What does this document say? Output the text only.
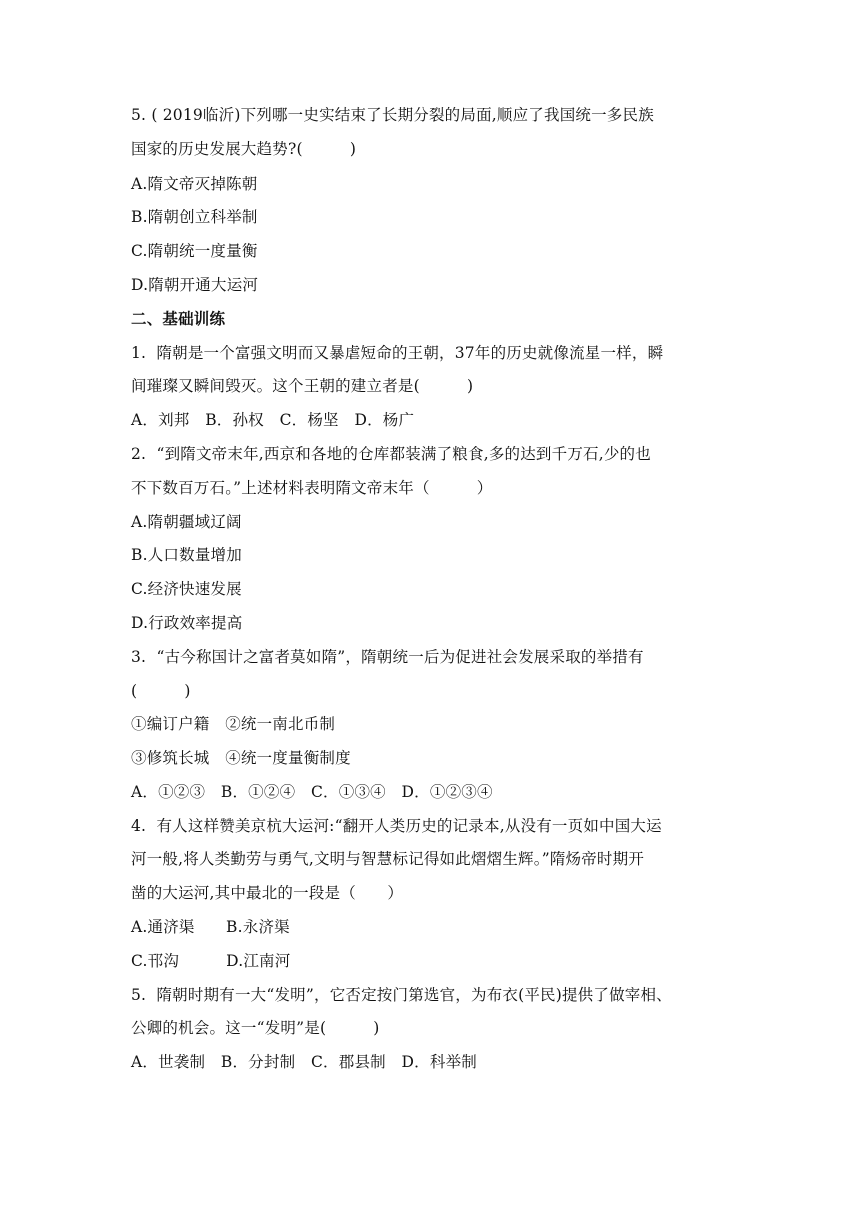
5. ( 2019临沂)下列哪一史实结束了长期分裂的局面,顺应了我国统一多民族
国家的历史发展大趋势?(　　　)
A.隋文帝灭掉陈朝
B.隋朝创立科举制
C.隋朝统一度量衡
D.隋朝开通大运河
二、基础训练
1.  隋朝是一个富强文明而又暴虐短命的王朝，37年的历史就像流星一样，瞬
间璀璨又瞬间毁灭。这个王朝的建立者是(　　　)
A．刘邦　B．孙权　C．杨坚　D．杨广
2.  “到隋文帝末年,西京和各地的仓库都装满了粮食,多的达到千万石,少的也
不下数百万石。”上述材料表明隋文帝末年（　　　）
A.隋朝疆域辽阔
B.人口数量增加
C.经济快速发展
D.行政效率提高
3.  “古今称国计之富者莫如隋”，隋朝统一后为促进社会发展采取的举措有
(　　　)
①编订户籍　②统一南北币制
③修筑长城　④统一度量衡制度
A．①②③　B．①②④　C．①③④　D．①②③④
4.  有人这样赞美京杭大运河:“翻开人类历史的记录本,从没有一页如中国大运
河一般,将人类勤劳与勇气,文明与智慧标记得如此熠熠生辉。”隋炀帝时期开
凿的大运河,其中最北的一段是（　　）
A.通济渠　　B.永济渠
C.邗沟　　　D.江南河
5.  隋朝时期有一大“发明”，它否定按门第选官，为布衣(平民)提供了做宰相、
公卿的机会。这一“发明”是(　　　)
A．世袭制　B．分封制　C．郡县制　D．科举制
